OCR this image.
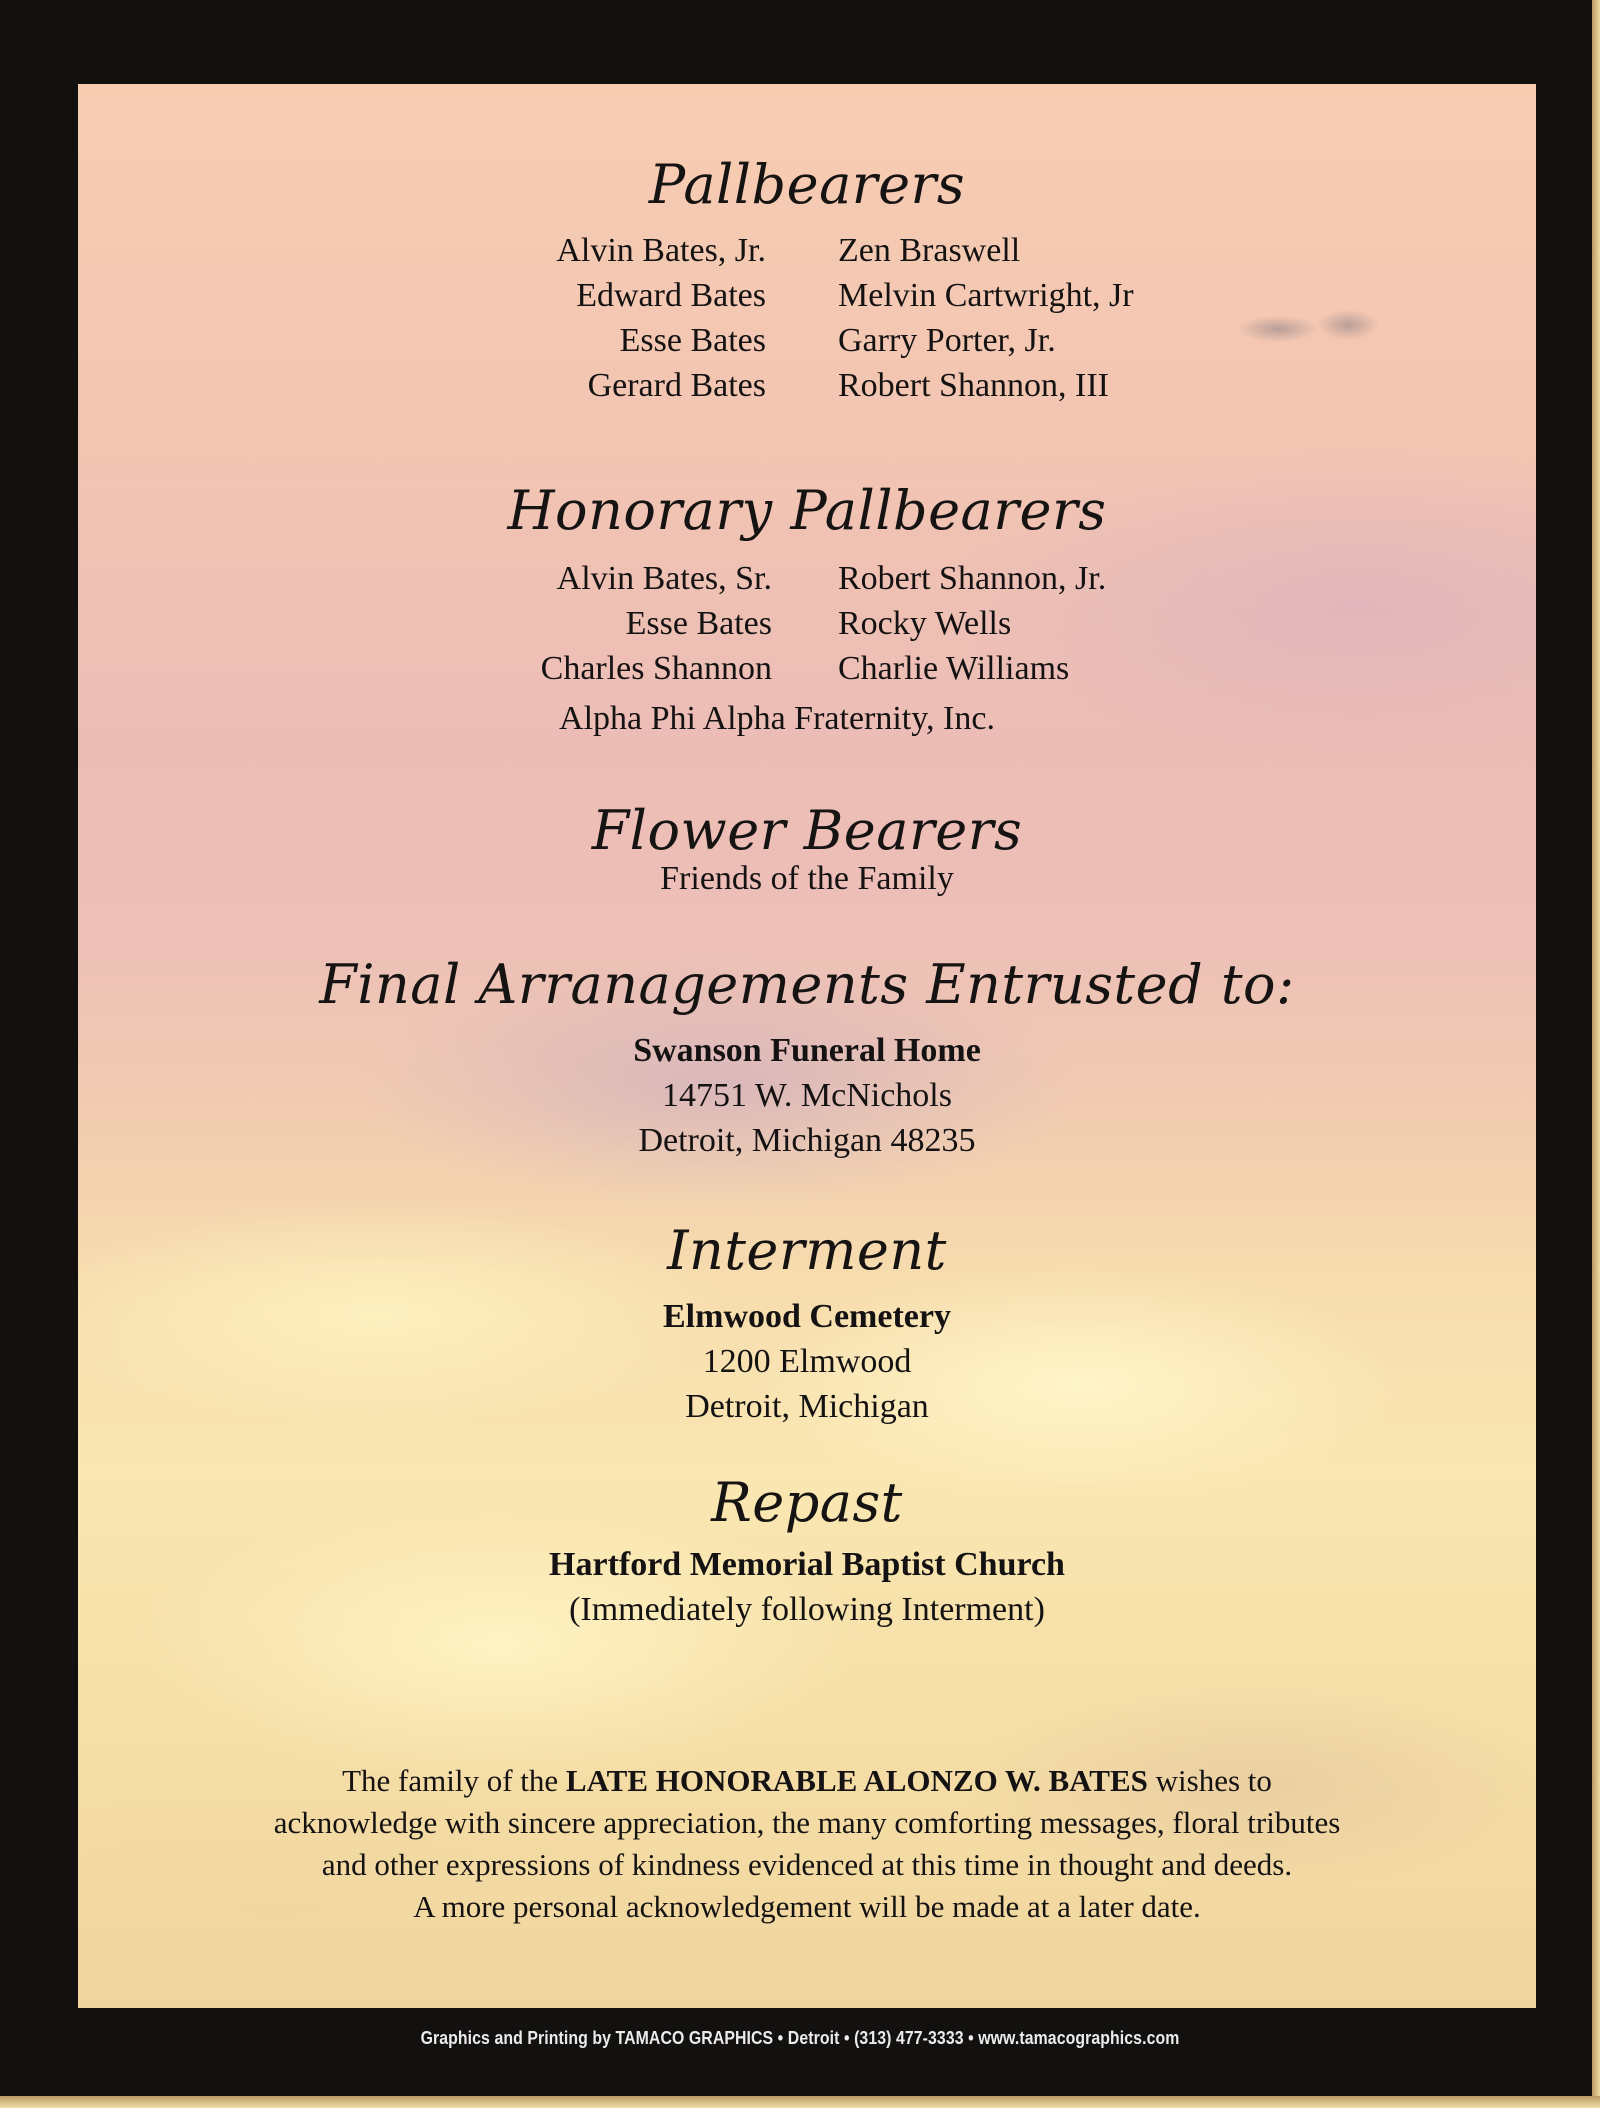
Pallbearers
Alvin Bates, Jr. Zen Braswell
Edward Bates Melvin Cartwright, Jr
Esse Bates Garry Porter, Jr.
Gerard Bates Robert Shannon, III
Honorary Pallbearers
Alvin Bates, Sr. Robert Shannon, Jr.
Esse Bates Rocky Wells
Charles Shannon Charlie Williams
Alpha Phi Alpha Fraternity, Inc.
Flower Bearers
Friends of the Family
Final Arranagements Entrusted to:
Swanson Funeral Home
14751 W. McNichols
Detroit, Michigan 48235
Interment
Elmwood Cemetery
1200 Elmwood
Detroit, Michigan
Repast
Hartford Memorial Baptist Church
(Immediately following Interment)
The family of the LATE HONORABLE ALONZO W. BATES wishes to
acknowledge with sincere appreciation, the many comforting messages, floral tributes
and other expressions of kindness evidenced at this time in thought and deeds.
A more personal acknowledgement will be made at a later date.
Graphics and Printing by TAMACO GRAPHICS • Detroit • (313) 477-3333 • www.tamacographics.com
